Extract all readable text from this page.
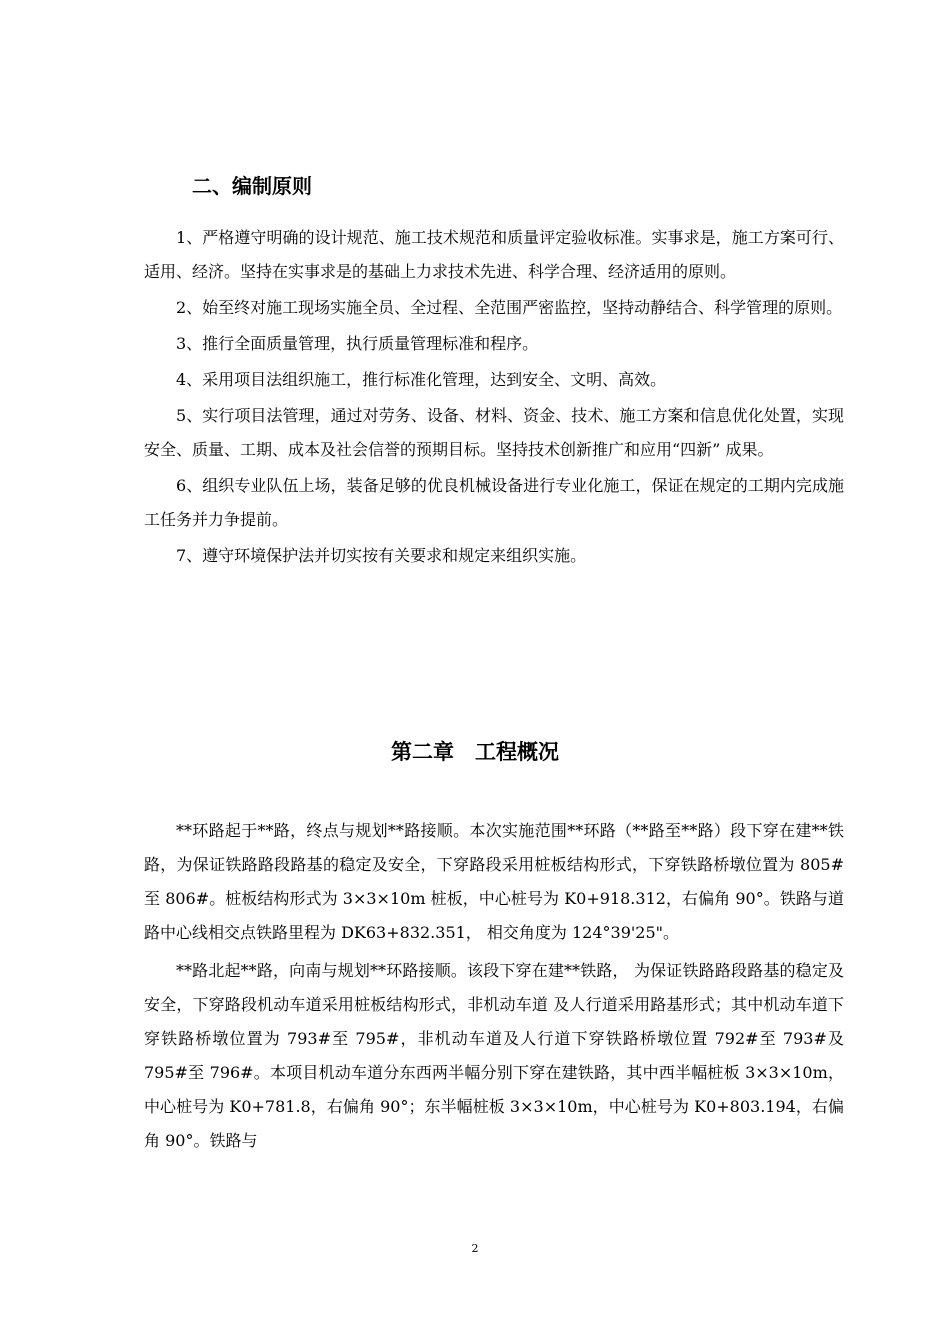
二、编制原则

1、严格遵守明确的设计规范、施工技术规范和质量评定验收标准。实事求是，施工方案可行、适用、经济。坚持在实事求是的基础上力求技术先进、科学合理、经济适用的原则。

2、始至终对施工现场实施全员、全过程、全范围严密监控，坚持动静结合、科学管理的原则。

3、推行全面质量管理，执行质量管理标准和程序。

4、采用项目法组织施工，推行标准化管理，达到安全、文明、高效。

5、实行项目法管理，通过对劳务、设备、材料、资金、技术、施工方案和信息优化处置，实现安全、质量、工期、成本及社会信誉的预期目标。坚持技术创新推广和应用“四新” 成果。

6、组织专业队伍上场，装备足够的优良机械设备进行专业化施工，保证在规定的工期内完成施工任务并力争提前。

7、遵守环境保护法并切实按有关要求和规定来组织实施。

第二章　工程概况

**环路起于**路，终点与规划**路接顺。本次实施范围**环路（**路至**路）段下穿在建**铁路，为保证铁路路段路基的稳定及安全，下穿路段采用桩板结构形式，下穿铁路桥墩位置为 805#至 806#。桩板结构形式为 3×3×10m 桩板，中心桩号为 K0+918.312，右偏角 90°。铁路与道路中心线相交点铁路里程为 DK63+832.351， 相交角度为 124°39'25"。

**路北起**路，向南与规划**环路接顺。该段下穿在建**铁路， 为保证铁路路段路基的稳定及安全，下穿路段机动车道采用桩板结构形式，非机动车道 及人行道采用路基形式；其中机动车道下穿铁路桥墩位置为 793#至 795#，非机动车道及人行道下穿铁路桥墩位置 792#至 793#及 795#至 796#。本项目机动车道分东西两半幅分别下穿在建铁路，其中西半幅桩板 3×3×10m，中心桩号为 K0+781.8，右偏角 90°；东半幅桩板 3×3×10m，中心桩号为 K0+803.194，右偏角 90°。铁路与

2
